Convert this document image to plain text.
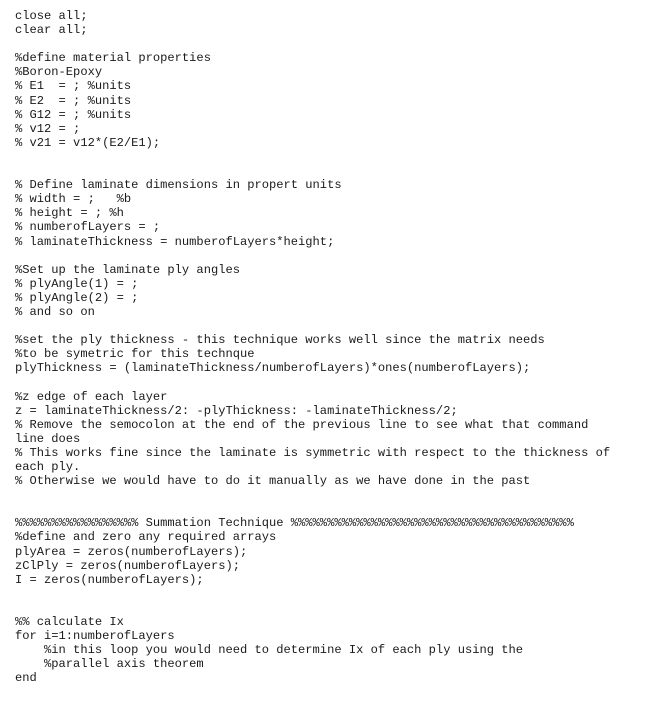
close all;
clear all;
%define material properties
%Boron-Epoxy
% E1  = ; %units
% E2  = ; %units
% G12 = ; %units
% v12 = ;
% v21 = v12*(E2/E1);
% Define laminate dimensions in propert units
% width = ;   %b
% height = ; %h
% numberofLayers = ;
% laminateThickness = numberofLayers*height;
%Set up the laminate ply angles
% plyAngle(1) = ;
% plyAngle(2) = ;
% and so on
%set the ply thickness - this technique works well since the matrix needs
%to be symetric for this technque
plyThickness = (laminateThickness/numberofLayers)*ones(numberofLayers);
%z edge of each layer
z = laminateThickness/2: -plyThickness: -laminateThickness/2;
% Remove the semocolon at the end of the previous line to see what that command
line does
% This works fine since the laminate is symmetric with respect to the thickness of
each ply.
% Otherwise we would have to do it manually as we have done in the past
%%%%%%%%%%%%%%%%% Summation Technique %%%%%%%%%%%%%%%%%%%%%%%%%%%%%%%%%%%%%%%
%define and zero any required arrays
plyArea = zeros(numberofLayers);
zClPly = zeros(numberofLayers);
I = zeros(numberofLayers);
%% calculate Ix
for i=1:numberofLayers
%in this loop you would need to determine Ix of each ply using the
%parallel axis theorem
end
